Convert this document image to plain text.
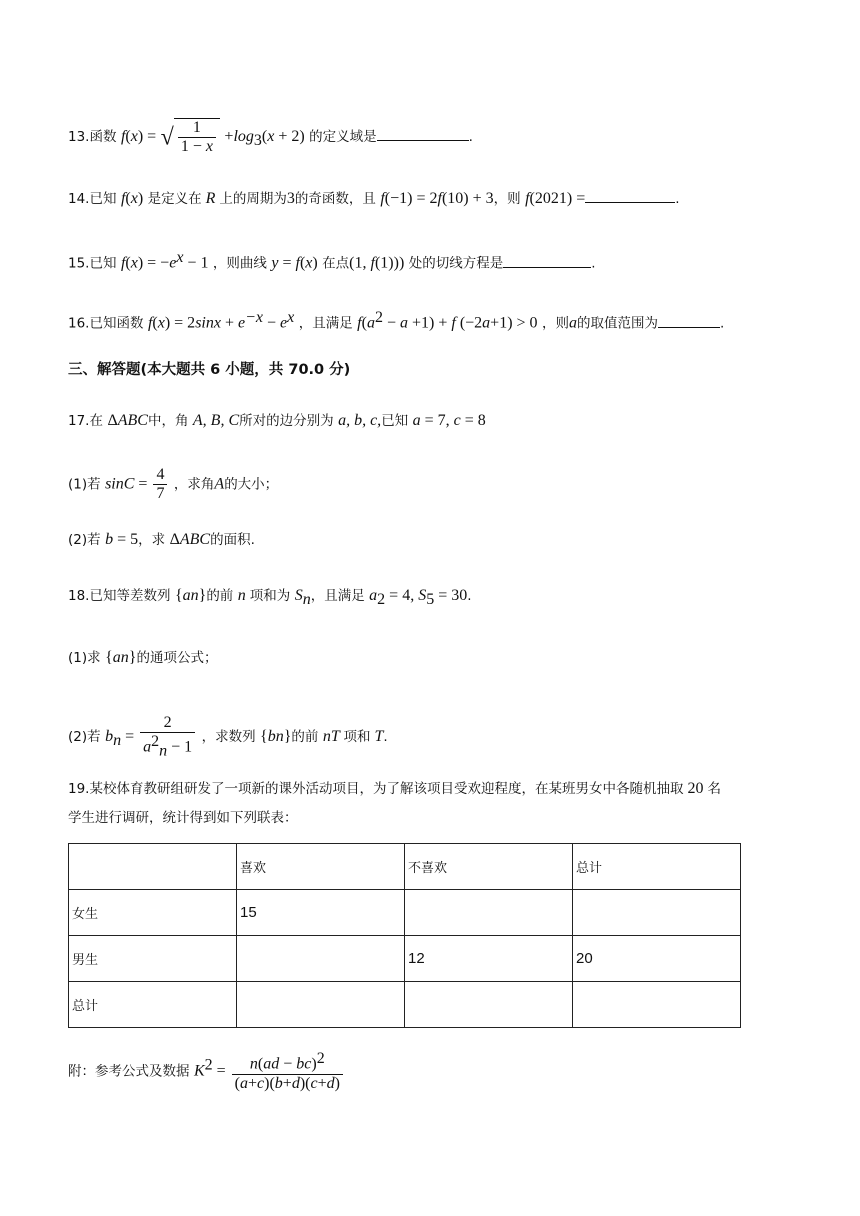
13.函数 f(x) = √ $\frac{1}{1 - x} +\log_3(x + 2)$ 的定义域是	.
14.已知 f(x) 是定义在 R 上的周期为3的奇函数，且 f(−1) = 2f(10) + 3，则 f(2021) =	.
15.已知 $f(x) = -e^x - 1$ ，则曲线 y = f(x) 在点(1, f(1))) 处的切线方程是	.
16.已知函数 $f(x) = 2\sin x + e^{-x} - e^x$ ，且满足 $f(a^2 - a +1) + f$ (−2a+1) > 0 ，则a的取值范围为	.
三、解答题(本大题共 6 小题，共 70.0 分)
17.在 ΔABC中，角 A, B, C所对的边分别为 a, b, c,已知 a = 7, c = 8
(1)若 $\sin C = \frac{4}{7}$ ，求角A的大小；
(2)若 b = 5，求 ΔABC的面积.
18.已知等差数列 {an}的前 n 项和为 $S_n$，且满足 $a_2 = 4$, $S_5 = 30$.
(1)求 {an}的通项公式；
(2)若 $b_n = \frac{2}{a^2_n - 1}$ ，求数列 {bn}的前 nT 项和 T.
19.某校体育教研组研发了一项新的课外活动项目，为了解该项目受欢迎程度，在某班男女中各随机抽取 20 名
学生进行调研，统计得到如下列联表：
	喜欢	不喜欢	总计
女生	15		
男生		12	20
总计			
附：参考公式及数据 $K^2 = \frac{n(ad - bc)^2}{(a+c)(b+d)(c+d)}$
